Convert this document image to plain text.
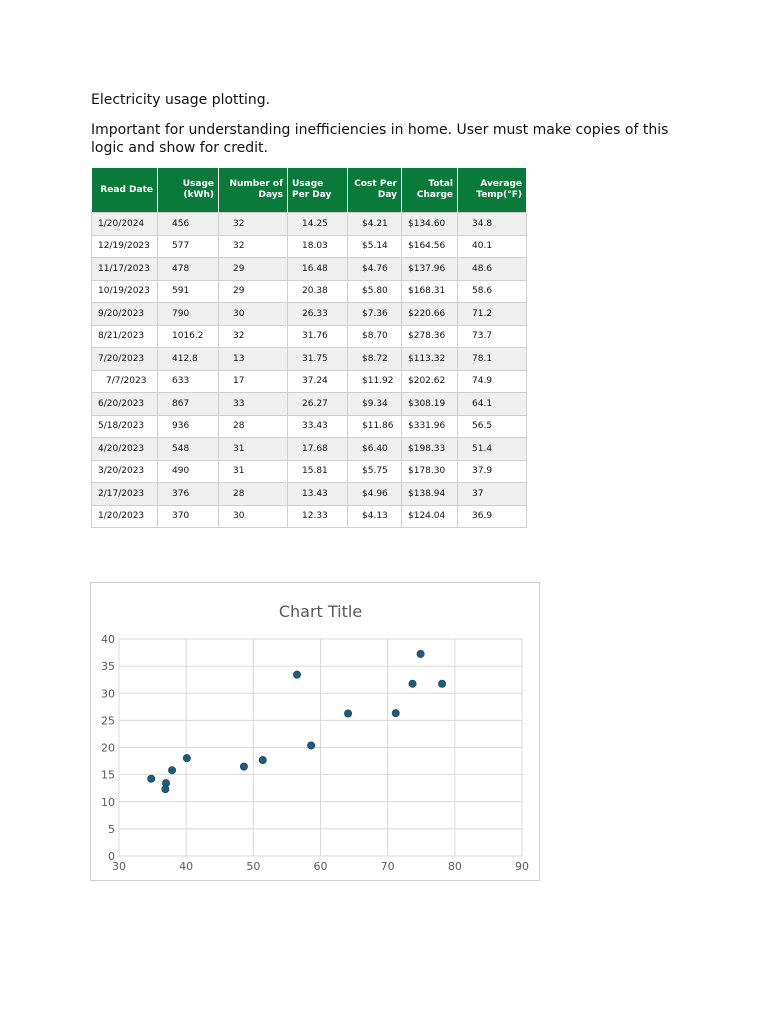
Electricity usage plotting.

Important for understanding inefficiencies in home. User must make copies of this logic and show for credit.

Read Date	Usage (kWh)	Number of Days	Usage Per Day	Cost Per Day	Total Charge	Average Temp(°F)
1/20/2024	456	32	14.25	$4.21	$134.60	34.8
12/19/2023	577	32	18.03	$5.14	$164.56	40.1
11/17/2023	478	29	16.48	$4.76	$137.96	48.6
10/19/2023	591	29	20.38	$5.80	$168.31	58.6
9/20/2023	790	30	26.33	$7.36	$220.66	71.2
8/21/2023	1016.2	32	31.76	$8.70	$278.36	73.7
7/20/2023	412.8	13	31.75	$8.72	$113.32	78.1
7/7/2023	633	17	37.24	$11.92	$202.62	74.9
6/20/2023	867	33	26.27	$9.34	$308.19	64.1
5/18/2023	936	28	33.43	$11.86	$331.96	56.5
4/20/2023	548	31	17.68	$6.40	$198.33	51.4
3/20/2023	490	31	15.81	$5.75	$178.30	37.9
2/17/2023	376	28	13.43	$4.96	$138.94	37
1/20/2023	370	30	12.33	$4.13	$124.04	36.9
Chart Title
0
5
10
15
20
25
30
35
40
30	40	50	60	70	80	90
